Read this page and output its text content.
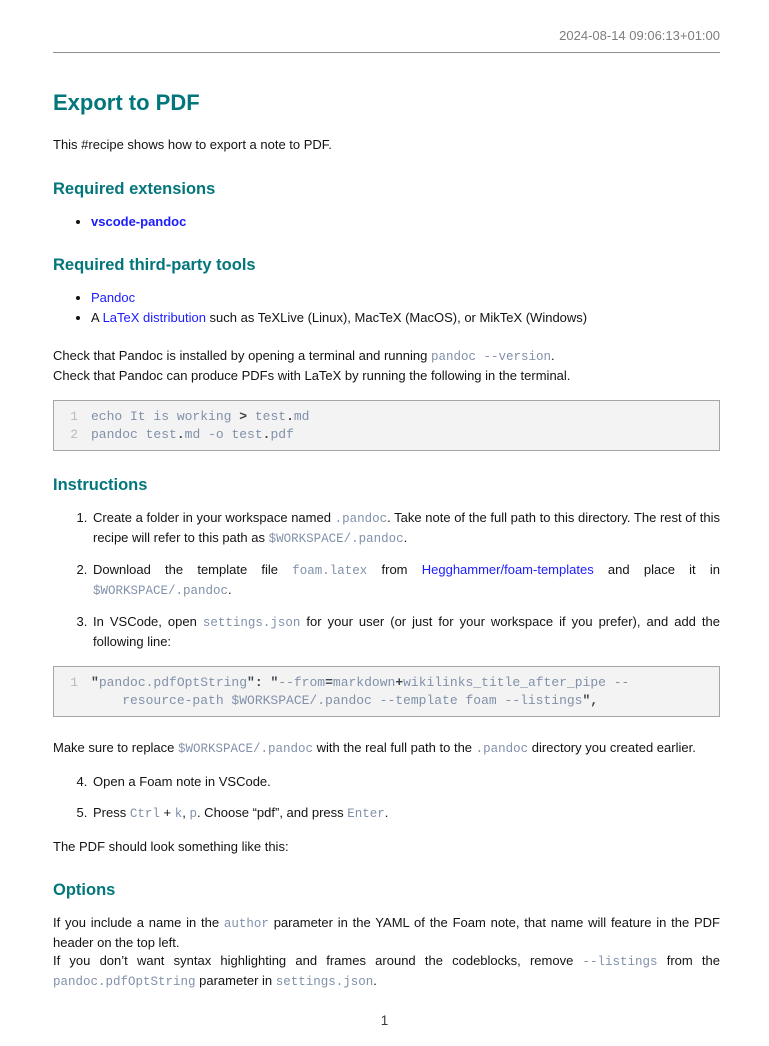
2024-08-14 09:06:13+01:00
Export to PDF

This #recipe shows how to export a note to PDF.

Required extensions
• vscode-pandoc
Required third-party tools
• Pandoc
• A LaTeX distribution such as TeXLive (Linux), MacTeX (MacOS), or MikTeX (Windows)

Check that Pandoc is installed by opening a terminal and running pandoc --version.
Check that Pandoc can produce PDFs with LaTeX by running the following in the terminal.

1 echo It is working > test.md
2 pandoc test.md -o test.pdf
Instructions
1. Create a folder in your workspace named .pandoc. Take note of the full path to this directory. The rest of this recipe will refer to this path as $WORKSPACE/.pandoc.
2. Download the template file foam.latex from Hegghammer/foam-templates and place it in $WORKSPACE/.pandoc.
3. In VSCode, open settings.json for your user (or just for your workspace if you prefer), and add the following line:
1 "pandoc.pdfOptString": "--from=markdown+wikilinks_title_after_pipe --
resource-path $WORKSPACE/.pandoc --template foam --listings",

Make sure to replace $WORKSPACE/.pandoc with the real full path to the .pandoc directory you created earlier.

4. Open a Foam note in VSCode.
5. Press Ctrl + k, p. Choose “pdf”, and press Enter.

The PDF should look something like this:

Options

If you include a name in the author parameter in the YAML of the Foam note, that name will feature in the PDF header on the top left.
If you don’t want syntax highlighting and frames around the codeblocks, remove --listings from the pandoc.pdfOptString parameter in settings.json.

1
